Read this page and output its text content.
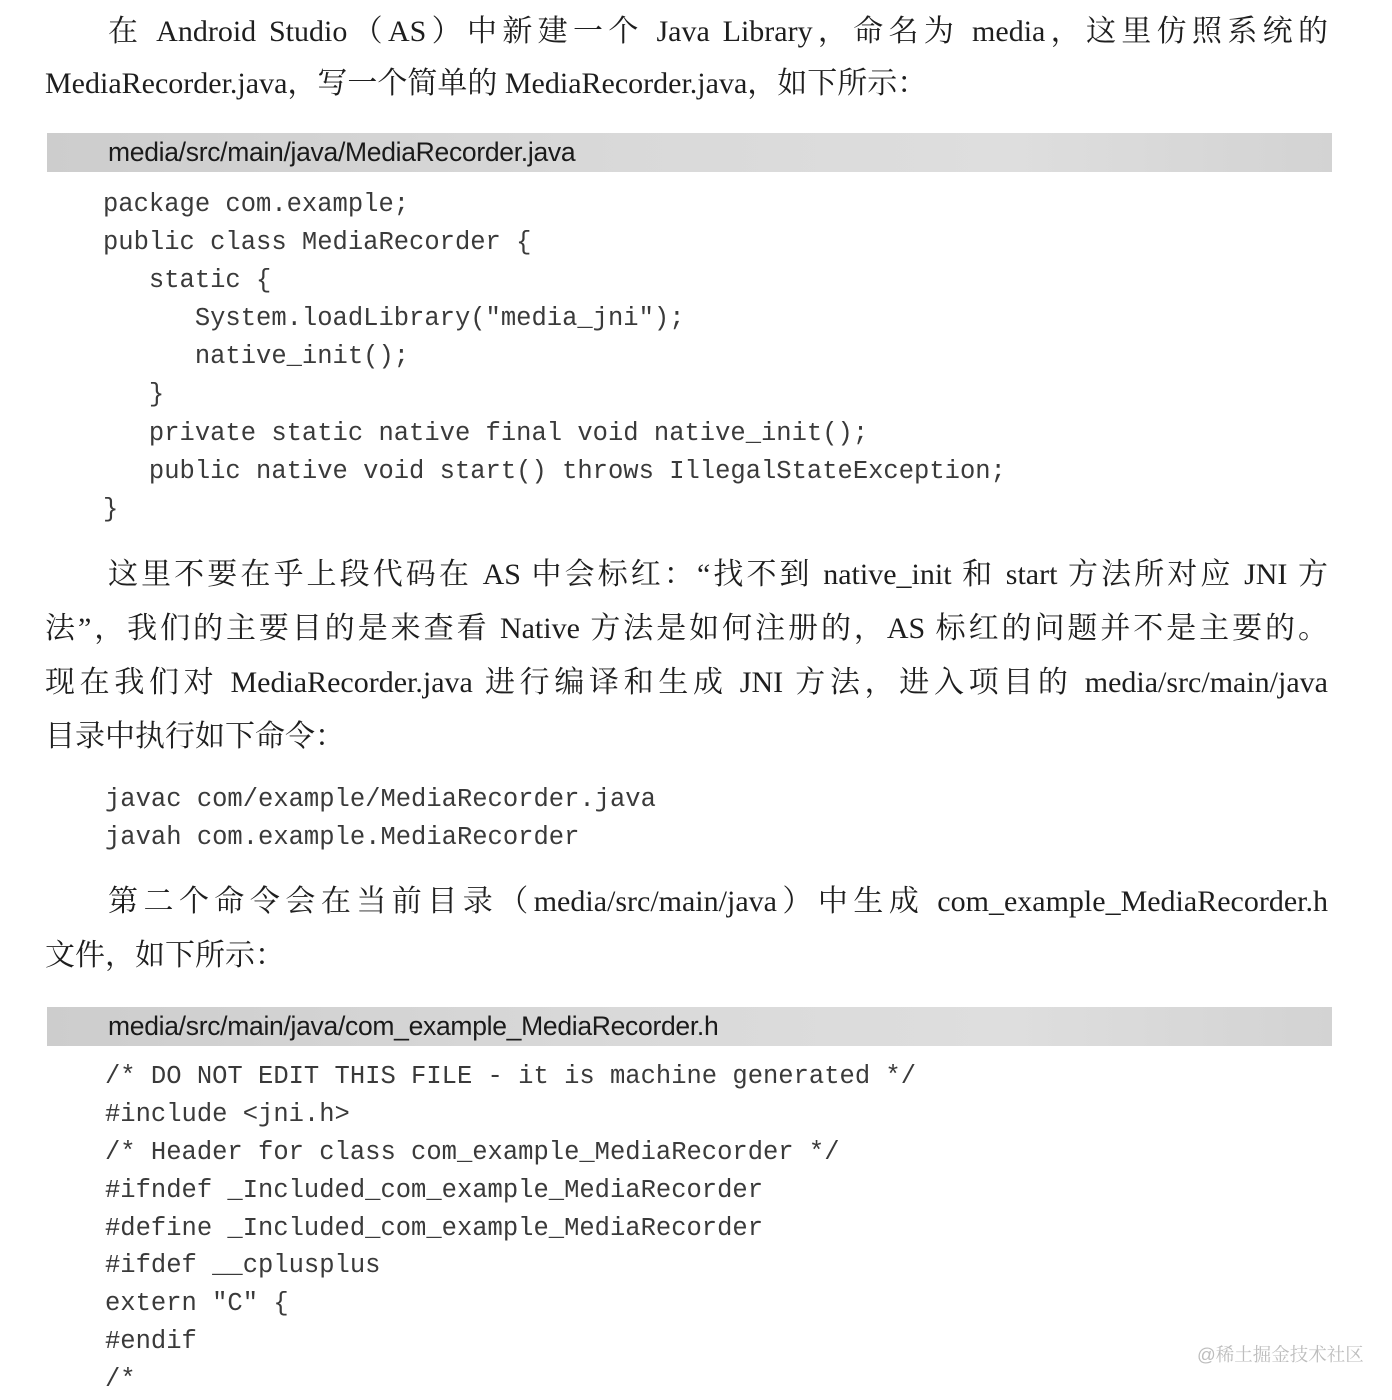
在 Android Studio（AS）中新建一个 Java Library，命名为 media，这里仿照系统的
MediaRecorder.java，写一个简单的 MediaRecorder.java，如下所示：
media/src/main/java/MediaRecorder.java
package com.example;
public class MediaRecorder {
static {
System.loadLibrary("media_jni");
native_init();
}
private static native final void native_init();
public native void start() throws IllegalStateException;
}
这里不要在乎上段代码在 AS 中会标红：“找不到 native_init 和 start 方法所对应 JNI 方
法”，我们的主要目的是来查看 Native 方法是如何注册的，AS 标红的问题并不是主要的。
现在我们对 MediaRecorder.java 进行编译和生成 JNI 方法，进入项目的 media/src/main/java
目录中执行如下命令：
javac com/example/MediaRecorder.java
javah com.example.MediaRecorder
第二个命令会在当前目录（media/src/main/java）中生成 com_example_MediaRecorder.h
文件，如下所示：
media/src/main/java/com_example_MediaRecorder.h
/* DO NOT EDIT THIS FILE - it is machine generated */
#include <jni.h>
/* Header for class com_example_MediaRecorder */
#ifndef _Included_com_example_MediaRecorder
#define _Included_com_example_MediaRecorder
#ifdef __cplusplus
extern "C" {
#endif
/*
@稀土掘金技术社区
